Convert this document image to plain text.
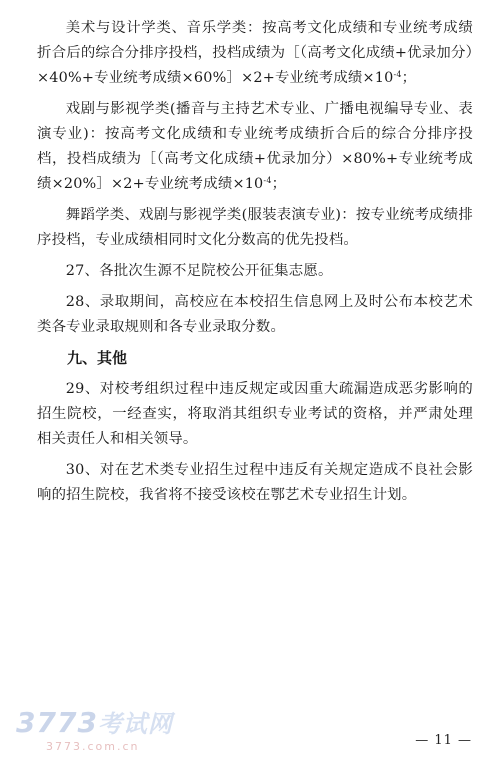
美术与设计学类、音乐学类：按高考文化成绩和专业统考成绩折合后的综合分排序投档，投档成绩为［（高考文化成绩+优录加分）×40%+专业统考成绩×60%］×2+专业统考成绩$\times 10^{-4}$；

戏剧与影视学类(播音与主持艺术专业、广播电视编导专业、表演专业)：按高考文化成绩和专业统考成绩折合后的综合分排序投档，投档成绩为［（高考文化成绩+优录加分）×80%+专业统考成绩×20%］×2+专业统考成绩$\times 10^{-4}$；

舞蹈学类、戏剧与影视学类(服装表演专业)：按专业统考成绩排序投档，专业成绩相同时文化分数高的优先投档。

27、各批次生源不足院校公开征集志愿。

28、录取期间，高校应在本校招生信息网上及时公布本校艺术类各专业录取规则和各专业录取分数。

九、其他

29、对校考组织过程中违反规定或因重大疏漏造成恶劣影响的招生院校，一经查实，将取消其组织专业考试的资格，并严肃处理相关责任人和相关领导。

30、对在艺术类专业招生过程中违反有关规定造成不良社会影响的招生院校，我省将不接受该校在鄂艺术专业招生计划。

3773考试网
3773.com.cn	— 11 —
